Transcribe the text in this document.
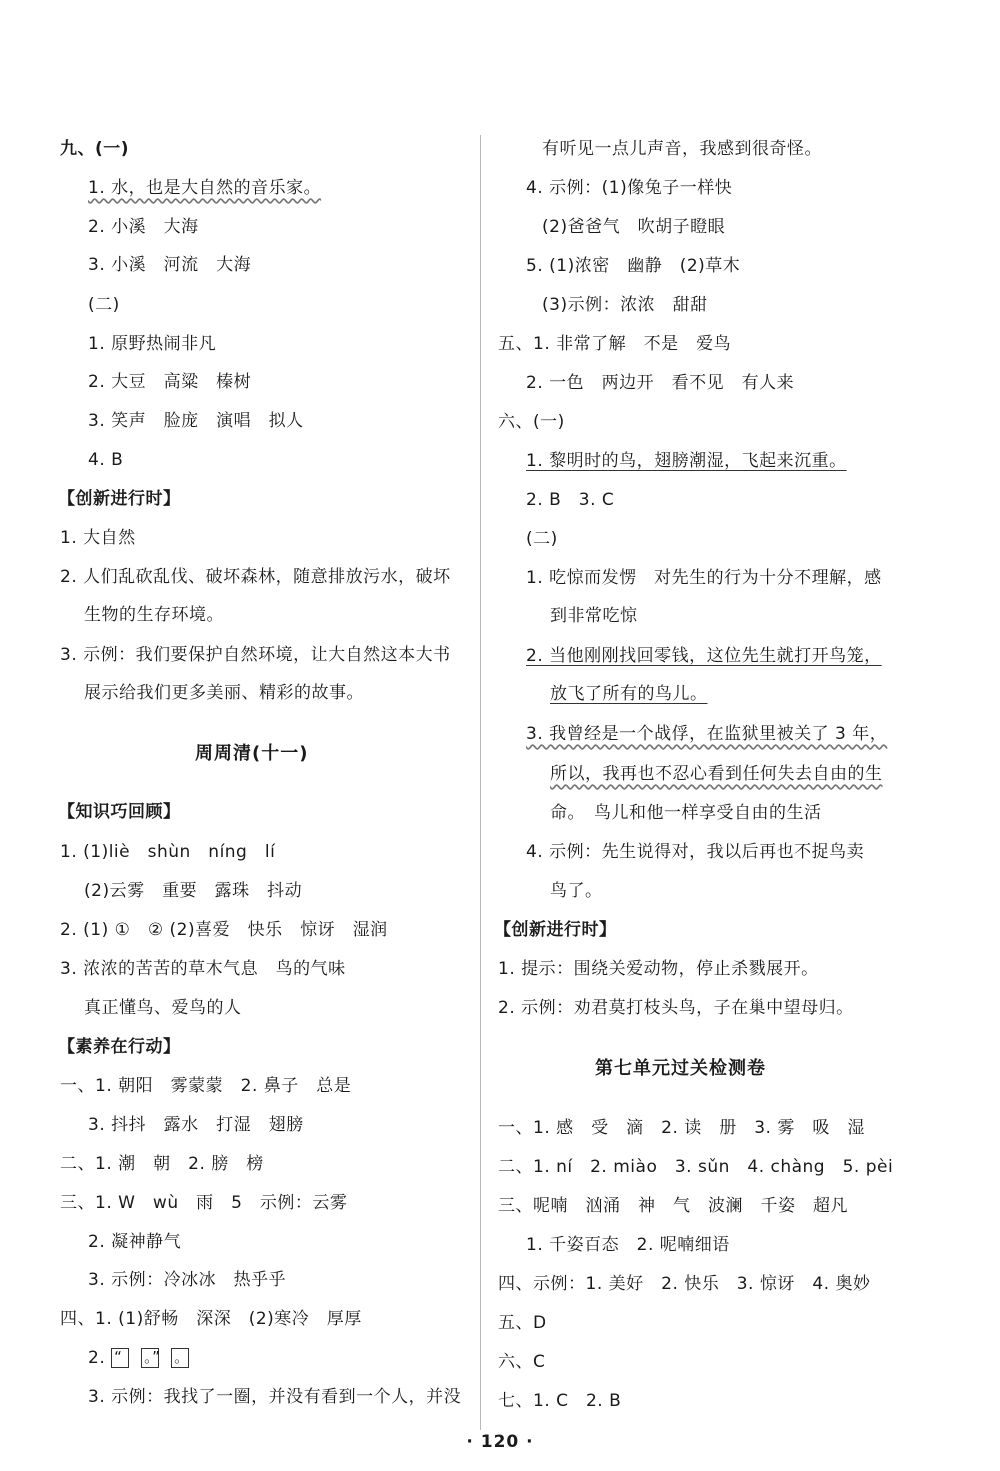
九、(一)
1. 水，也是大自然的音乐家。
2. 小溪　大海
3. 小溪　河流　大海
(二)
1. 原野热闹非凡
2. 大豆　高粱　榛树
3. 笑声　脸庞　演唱　拟人
4. B
【创新进行时】
1. 大自然
2. 人们乱砍乱伐、破坏森林，随意排放污水，破坏
生物的生存环境。
3. 示例：我们要保护自然环境，让大自然这本大书
展示给我们更多美丽、精彩的故事。
周周清(十一)
【知识巧回顾】
1. (1)liè　shùn　níng　lí
(2)云雾　重要　露珠　抖动
2. (1) ①　② (2)喜爱　快乐　惊讶　湿润
3. 浓浓的苦苦的草木气息　鸟的气味
真正懂鸟、爱鸟的人
【素养在行动】
一、1. 朝阳　雾蒙蒙　2. 鼻子　总是
3. 抖抖　露水　打湿　翅膀
二、1. 潮　朝　2. 膀　榜
三、1. W　wù　雨　5　示例：云雾
2. 凝神静气
3. 示例：冷冰冰　热乎乎
四、1. (1)舒畅　深深　(2)寒冷　厚厚
2. “ 。” 。
3. 示例：我找了一圈，并没有看到一个人，并没
有听见一点儿声音，我感到很奇怪。
4. 示例：(1)像兔子一样快
(2)爸爸气　吹胡子瞪眼
5. (1)浓密　幽静　(2)草木
(3)示例：浓浓　甜甜
五、1. 非常了解　不是　爱鸟
2. 一色　两边开　看不见　有人来
六、(一)
1. 黎明时的鸟，翅膀潮湿，飞起来沉重。
2. B　3. C
(二)
1. 吃惊而发愣　对先生的行为十分不理解，感
到非常吃惊
2. 当他刚刚找回零钱，这位先生就打开鸟笼，
放飞了所有的鸟儿。
3. 我曾经是一个战俘，在监狱里被关了 3 年，
所以，我再也不忍心看到任何失去自由的生
命。　鸟儿和他一样享受自由的生活
4. 示例：先生说得对，我以后再也不捉鸟卖
鸟了。
【创新进行时】
1. 提示：围绕关爱动物，停止杀戮展开。
2. 示例：劝君莫打枝头鸟，子在巢中望母归。
第七单元过关检测卷
一、1. 感　受　滴　2. 读　册　3. 雾　吸　湿
二、1. ní　2. miào　3. sǔn　4. chàng　5. pèi
三、呢喃　汹涌　神　气　波澜　千姿　超凡
1. 千姿百态　2. 呢喃细语
四、示例：1. 美好　2. 快乐　3. 惊讶　4. 奥妙
五、D
六、C
七、1. C　2. B
· 120 ·
